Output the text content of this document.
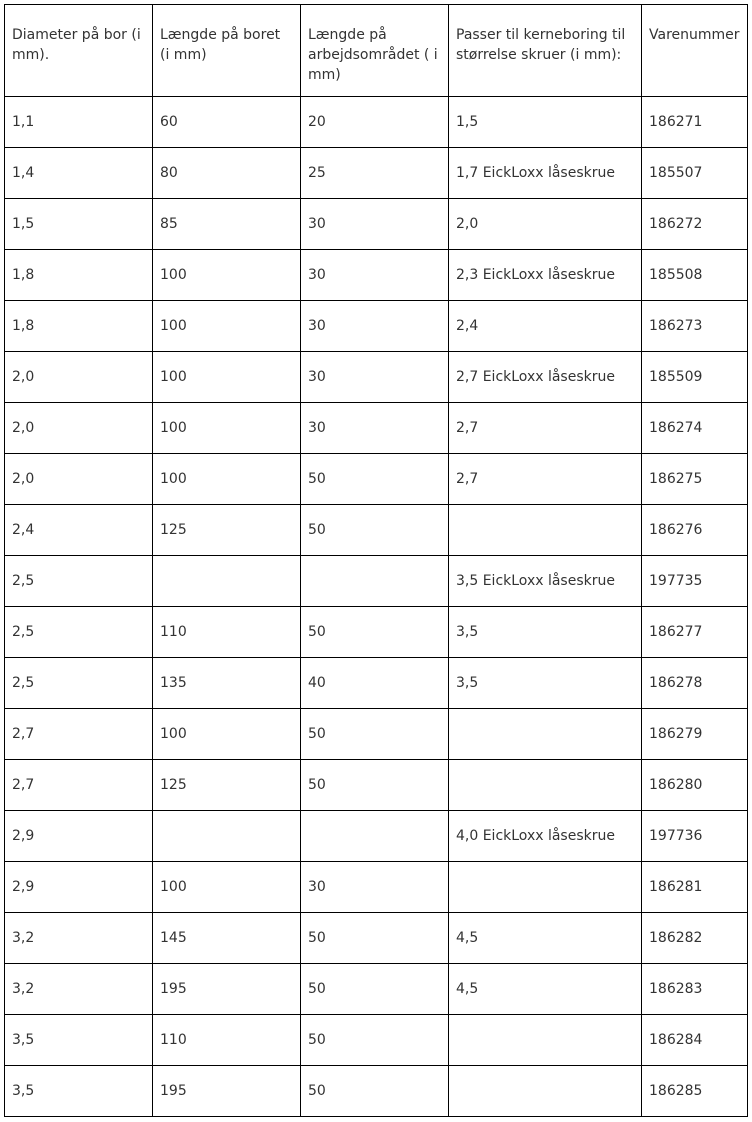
Diameter på bor (i mm).	Længde på boret (i mm)	Længde på arbejdsområdet ( i mm)	Passer til kerneboring til størrelse skruer (i mm):	Varenummer
1,1	60	20	1,5	186271
1,4	80	25	1,7 EickLoxx låseskrue	185507
1,5	85	30	2,0	186272
1,8	100	30	2,3 EickLoxx låseskrue	185508
1,8	100	30	2,4	186273
2,0	100	30	2,7 EickLoxx låseskrue	185509
2,0	100	30	2,7	186274
2,0	100	50	2,7	186275
2,4	125	50		186276
2,5			3,5 EickLoxx låseskrue	197735
2,5	110	50	3,5	186277
2,5	135	40	3,5	186278
2,7	100	50		186279
2,7	125	50		186280
2,9			4,0 EickLoxx låseskrue	197736
2,9	100	30		186281
3,2	145	50	4,5	186282
3,2	195	50	4,5	186283
3,5	110	50		186284
3,5	195	50		186285
